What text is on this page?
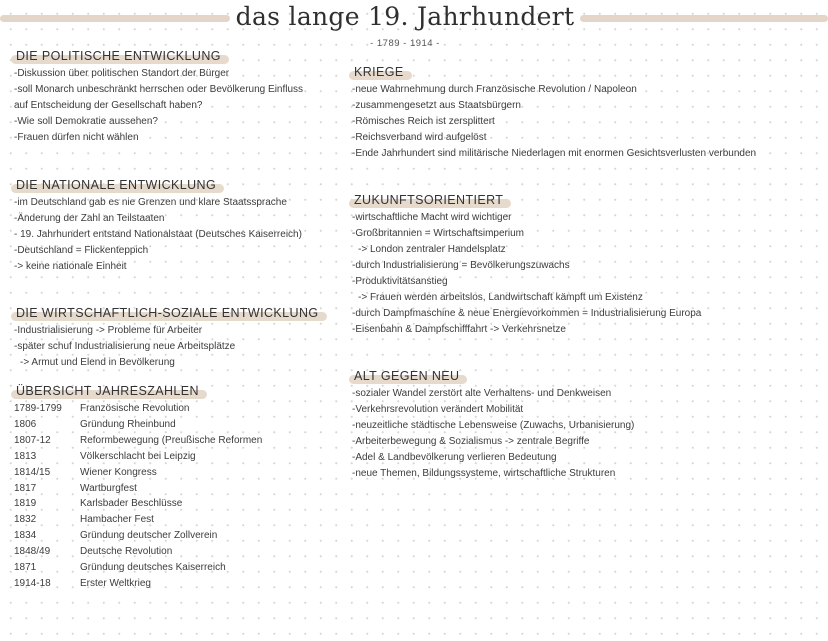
das lange 19. Jahrhundert
- 1789 - 1914 -
DIE POLITISCHE ENTWICKLUNG
-Diskussion über politischen Standort der Bürger
-soll Monarch unbeschränkt herrschen oder Bevölkerung Einfluss
auf Entscheidung der Gesellschaft haben?
-Wie soll Demokratie aussehen?
-Frauen dürfen nicht wählen
DIE NATIONALE ENTWICKLUNG
-im Deutschland gab es nie Grenzen und klare Staatssprache
-Änderung der Zahl an Teilstaaten
- 19. Jahrhundert entstand Nationalstaat (Deutsches Kaiserreich)
-Deutschland = Flickenteppich
-> keine nationale Einheit
DIE WIRTSCHAFTLICH-SOZIALE ENTWICKLUNG
-Industrialisierung -> Probleme für Arbeiter
-später schuf Industrialisierung neue Arbeitsplätze
-> Armut und Elend in Bevölkerung
ÜBERSICHT JAHRESZAHLEN
1789-1799	Französische Revolution
1806	Gründung Rheinbund
1807-12	Reformbewegung (Preußische Reformen
1813	Völkerschlacht bei Leipzig
1814/15	Wiener Kongress
1817	Wartburgfest
1819	Karlsbader Beschlüsse
1832	Hambacher Fest
1834	Gründung deutscher Zollverein
1848/49	Deutsche Revolution
1871	Gründung deutsches Kaiserreich
1914-18	Erster Weltkrieg
KRIEGE
-neue Wahrnehmung durch Französische Revolution / Napoleon
-zusammengesetzt aus Staatsbürgern
-Römisches Reich ist zersplittert
-Reichsverband wird aufgelöst
-Ende Jahrhundert sind militärische Niederlagen mit enormen Gesichtsverlusten verbunden
ZUKUNFTSORIENTIERT
-wirtschaftliche Macht wird wichtiger
-Großbritannien = Wirtschaftsimperium
-> London zentraler Handelsplatz
-durch Industrialisierung = Bevölkerungszuwachs
-Produktivitätsanstieg
-> Frauen werden arbeitslos, Landwirtschaft kämpft um Existenz
-durch Dampfmaschine & neue Energievorkommen = Industrialisierung Europa
-Eisenbahn & Dampfschifffahrt -> Verkehrsnetze
ALT GEGEN NEU
-sozialer Wandel zerstört alte Verhaltens- und Denkweisen
-Verkehrsrevolution verändert Mobilität
-neuzeitliche städtische Lebensweise (Zuwachs, Urbanisierung)
-Arbeiterbewegung & Sozialismus -> zentrale Begriffe
-Adel & Landbevölkerung verlieren Bedeutung
-neue Themen, Bildungssysteme, wirtschaftliche Strukturen
